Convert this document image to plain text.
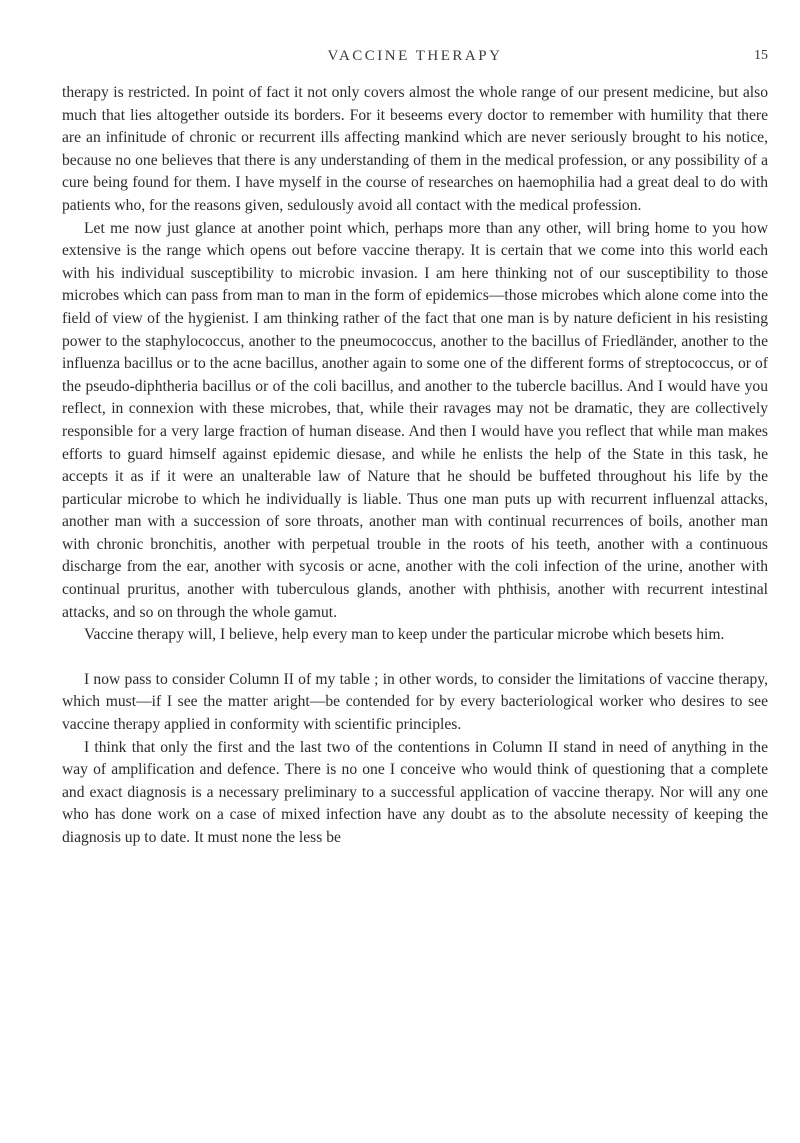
VACCINE THERAPY	15

therapy is restricted. In point of fact it not only covers almost the whole range of our present medicine, but also much that lies altogether outside its borders. For it beseems every doctor to remember with humility that there are an infinitude of chronic or recurrent ills affecting mankind which are never seriously brought to his notice, because no one believes that there is any understanding of them in the medical profession, or any possibility of a cure being found for them. I have myself in the course of researches on haemophilia had a great deal to do with patients who, for the reasons given, sedulously avoid all contact with the medical profession.

Let me now just glance at another point which, perhaps more than any other, will bring home to you how extensive is the range which opens out before vaccine therapy. It is certain that we come into this world each with his individual susceptibility to microbic invasion. I am here thinking not of our susceptibility to those microbes which can pass from man to man in the form of epidemics—those microbes which alone come into the field of view of the hygienist. I am thinking rather of the fact that one man is by nature deficient in his resisting power to the staphylococcus, another to the pneumococcus, another to the bacillus of Friedländer, another to the influenza bacillus or to the acne bacillus, another again to some one of the different forms of streptococcus, or of the pseudo-diphtheria bacillus or of the coli bacillus, and another to the tubercle bacillus. And I would have you reflect, in connexion with these microbes, that, while their ravages may not be dramatic, they are collectively responsible for a very large fraction of human disease. And then I would have you reflect that while man makes efforts to guard himself against epidemic diesase, and while he enlists the help of the State in this task, he accepts it as if it were an unalterable law of Nature that he should be buffeted throughout his life by the particular microbe to which he individually is liable. Thus one man puts up with recurrent influenzal attacks, another man with a succession of sore throats, another man with continual recurrences of boils, another man with chronic bronchitis, another with perpetual trouble in the roots of his teeth, another with a continuous discharge from the ear, another with sycosis or acne, another with the coli infection of the urine, another with continual pruritus, another with tuberculous glands, another with phthisis, another with recurrent intestinal attacks, and so on through the whole gamut.

Vaccine therapy will, I believe, help every man to keep under the particular microbe which besets him.

I now pass to consider Column II of my table ; in other words, to consider the limitations of vaccine therapy, which must—if I see the matter aright—be contended for by every bacteriological worker who desires to see vaccine therapy applied in conformity with scientific principles.

I think that only the first and the last two of the contentions in Column II stand in need of anything in the way of amplification and defence. There is no one I conceive who would think of questioning that a complete and exact diagnosis is a necessary preliminary to a successful application of vaccine therapy. Nor will any one who has done work on a case of mixed infection have any doubt as to the absolute necessity of keeping the diagnosis up to date. It must none the less be
